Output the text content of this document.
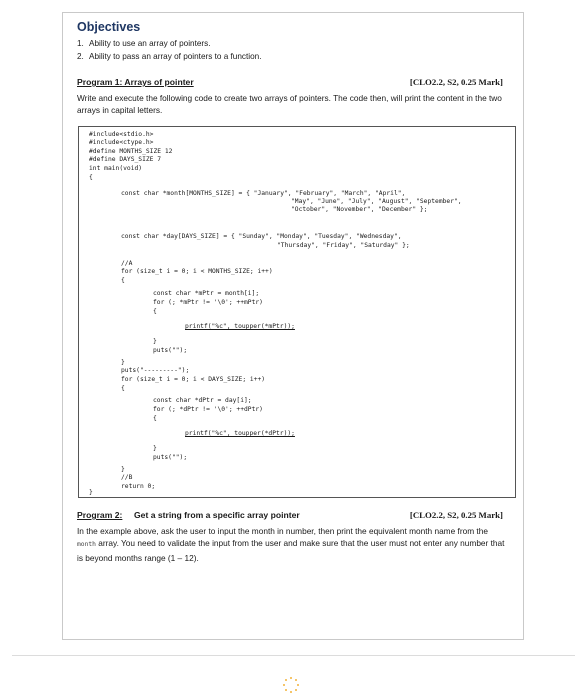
Objectives
1. Ability to use an array of pointers.
2. Ability to pass an array of pointers to a function.
Program 1: Arrays of pointer	[CLO2.2, S2, 0.25 Mark]
Write and execute the following code to create two arrays of pointers. The code then, will print the content in the two arrays in capital letters.
#include<stdio.h>
#include<ctype.h>
#define MONTHS_SIZE 12
#define DAYS_SIZE 7
int main(void)
{
const char *month[MONTHS_SIZE] = { "January", "February", "March", "April",
"May", "June", "July", "August", "September",
"October", "November", "December" };
const char *day[DAYS_SIZE] = { "Sunday", "Monday", "Tuesday", "Wednesday",
"Thursday", "Friday", "Saturday" };
//A
for (size_t i = 0; i < MONTHS_SIZE; i++)
{
const char *mPtr = month[i];
for (; *mPtr != '\0'; ++mPtr)
{
printf("%c", toupper(*mPtr));
}
puts("");
}
puts("---------");
for (size_t i = 0; i < DAYS_SIZE; i++)
{
const char *dPtr = day[i];
for (; *dPtr != '\0'; ++dPtr)
{
printf("%c", toupper(*dPtr));
}
puts("");
}
//B
return 0;
}
Program 2: Get a string from a specific array pointer	[CLO2.2, S2, 0.25 Mark]
In the example above, ask the user to input the month in number, then print the equivalent month name from the month array. You need to validate the input from the user and make sure that the user must not enter any number that is beyond months range (1 – 12).
